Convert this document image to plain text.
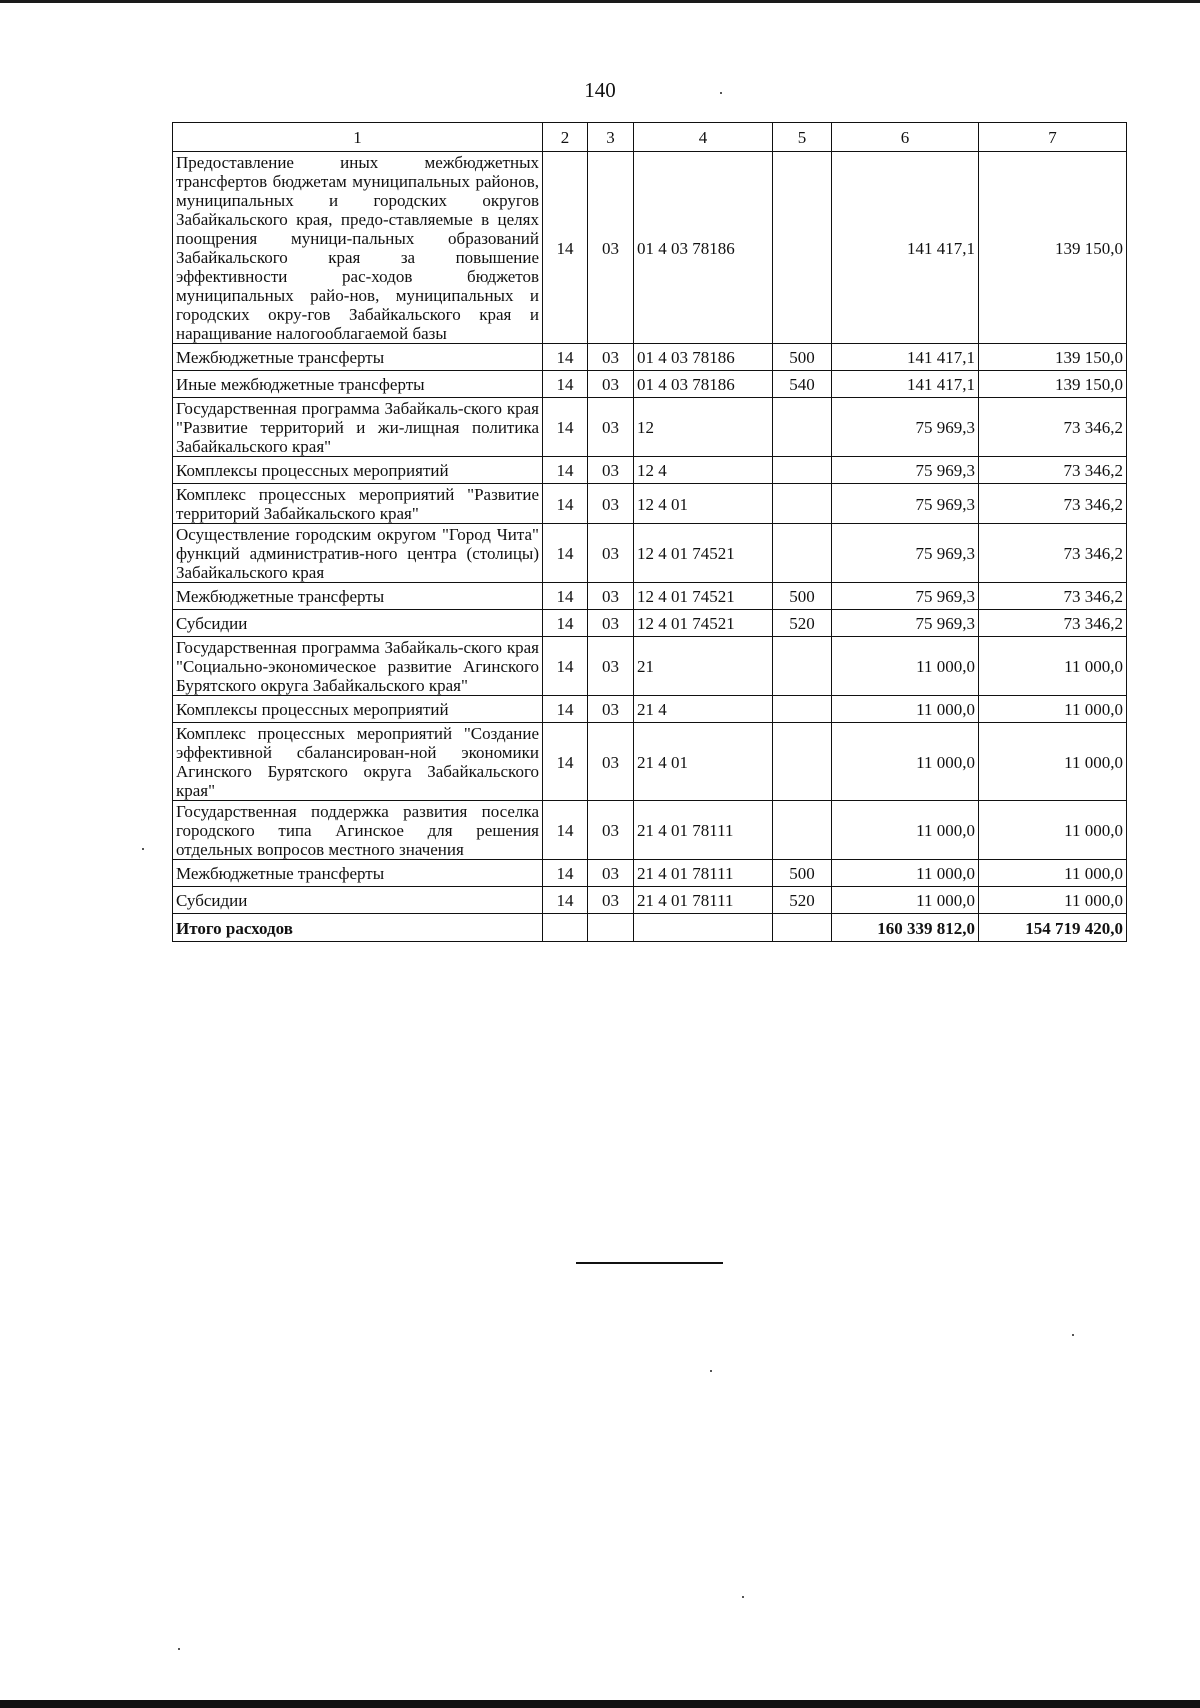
140
1	2	3	4	5	6	7
Предоставление иных межбюджетных трансфертов бюджетам муниципальных районов, муниципальных и городских округов Забайкальского края, предо-ставляемые в целях поощрения муници-пальных образований Забайкальского края за повышение эффективности рас-ходов бюджетов муниципальных райо-нов, муниципальных и городских окру-гов Забайкальского края и наращивание налогооблагаемой базы	14	03	01 4 03 78186		141 417,1	139 150,0
Межбюджетные трансферты	14	03	01 4 03 78186	500	141 417,1	139 150,0
Иные межбюджетные трансферты	14	03	01 4 03 78186	540	141 417,1	139 150,0
Государственная программа Забайкаль-ского края "Развитие территорий и жи-лищная политика Забайкальского края"	14	03	12		75 969,3	73 346,2
Комплексы процессных мероприятий	14	03	12 4		75 969,3	73 346,2
Комплекс процессных мероприятий "Развитие территорий Забайкальского края"	14	03	12 4 01		75 969,3	73 346,2
Осуществление городским округом "Город Чита" функций административ-ного центра (столицы) Забайкальского края	14	03	12 4 01 74521		75 969,3	73 346,2
Межбюджетные трансферты	14	03	12 4 01 74521	500	75 969,3	73 346,2
Субсидии	14	03	12 4 01 74521	520	75 969,3	73 346,2
Государственная программа Забайкаль-ского края "Социально-экономическое развитие Агинского Бурятского округа Забайкальского края"	14	03	21		11 000,0	11 000,0
Комплексы процессных мероприятий	14	03	21 4		11 000,0	11 000,0
Комплекс процессных мероприятий "Создание эффективной сбалансирован-ной экономики Агинского Бурятского округа Забайкальского края"	14	03	21 4 01		11 000,0	11 000,0
Государственная поддержка развития поселка городского типа Агинское для решения отдельных вопросов местного значения	14	03	21 4 01 78111		11 000,0	11 000,0
Межбюджетные трансферты	14	03	21 4 01 78111	500	11 000,0	11 000,0
Субсидии	14	03	21 4 01 78111	520	11 000,0	11 000,0
Итого расходов					160 339 812,0	154 719 420,0
